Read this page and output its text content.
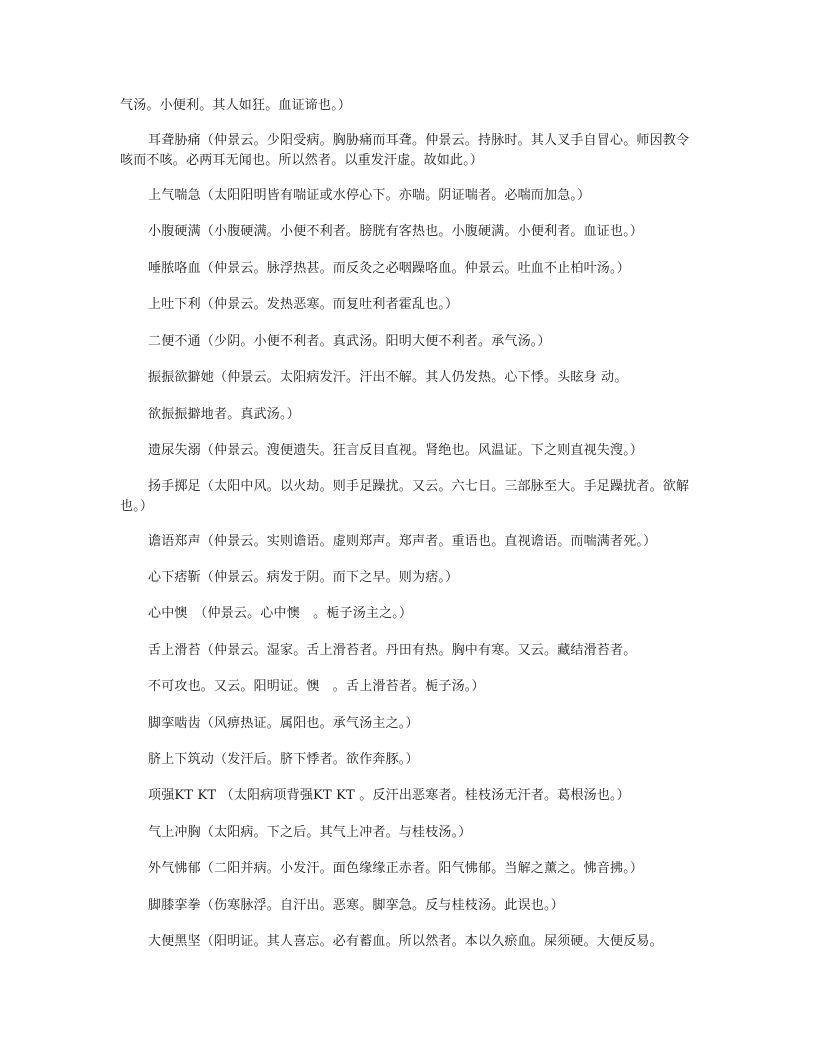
气汤。小便利。其人如狂。血证谛也。）

耳聋胁痛（仲景云。少阳受病。胸胁痛而耳聋。仲景云。持脉时。其人叉手自冒心。师因教令咳而不咳。必两耳无闻也。所以然者。以重发汗虚。故如此。）

上气喘急（太阳阳明皆有喘证或水停心下。亦喘。阴证喘者。必喘而加急。）

小腹硬满（小腹硬满。小便不利者。膀胱有客热也。小腹硬满。小便利者。血证也。）

唾脓咯血（仲景云。脉浮热甚。而反灸之必咽躁咯血。仲景云。吐血不止柏叶汤。）

上吐下利（仲景云。发热恶寒。而复吐利者霍乱也。）

二便不通（少阴。小便不利者。真武汤。阳明大便不利者。承气汤。）

振振欲擗她（仲景云。太阳病发汗。汗出不解。其人仍发热。心下悸。头眩身 动。

欲振振擗地者。真武汤。）

遗尿失溺（仲景云。溲便遗失。狂言反目直视。肾绝也。风温证。下之则直视失溲。）

扬手掷足（太阳中风。以火劫。则手足躁扰。又云。六七日。三部脉至大。手足躁扰者。欲解也。）

谵语郑声（仲景云。实则谵语。虚则郑声。郑声者。重语也。直视谵语。而喘满者死。）

心下痞靳（仲景云。病发于阴。而下之早。则为痞。）

心中懊　（仲景云。心中懊　。栀子汤主之。）

舌上滑苔（仲景云。湿家。舌上滑苔者。丹田有热。胸中有寒。又云。藏结滑苔者。

不可攻也。又云。阳明证。懊　。舌上滑苔者。栀子汤。）

脚挛啮齿（风痹热证。属阳也。承气汤主之。）

脐上下筑动（发汗后。脐下悸者。欲作奔豚。）

项强KT KT （太阳病项背强KT KT 。反汗出恶寒者。桂枝汤无汗者。葛根汤也。）

气上冲胸（太阳病。下之后。其气上冲者。与桂枝汤。）

外气怫郁（二阳并病。小发汗。面色缘缘正赤者。阳气怫郁。当解之薰之。怫音拂。）

脚膝挛拳（伤寒脉浮。自汗出。恶寒。脚挛急。反与桂枝汤。此误也。）

大便黑坚（阳明证。其人喜忘。必有蓄血。所以然者。本以久瘀血。屎须硬。大便反易。
